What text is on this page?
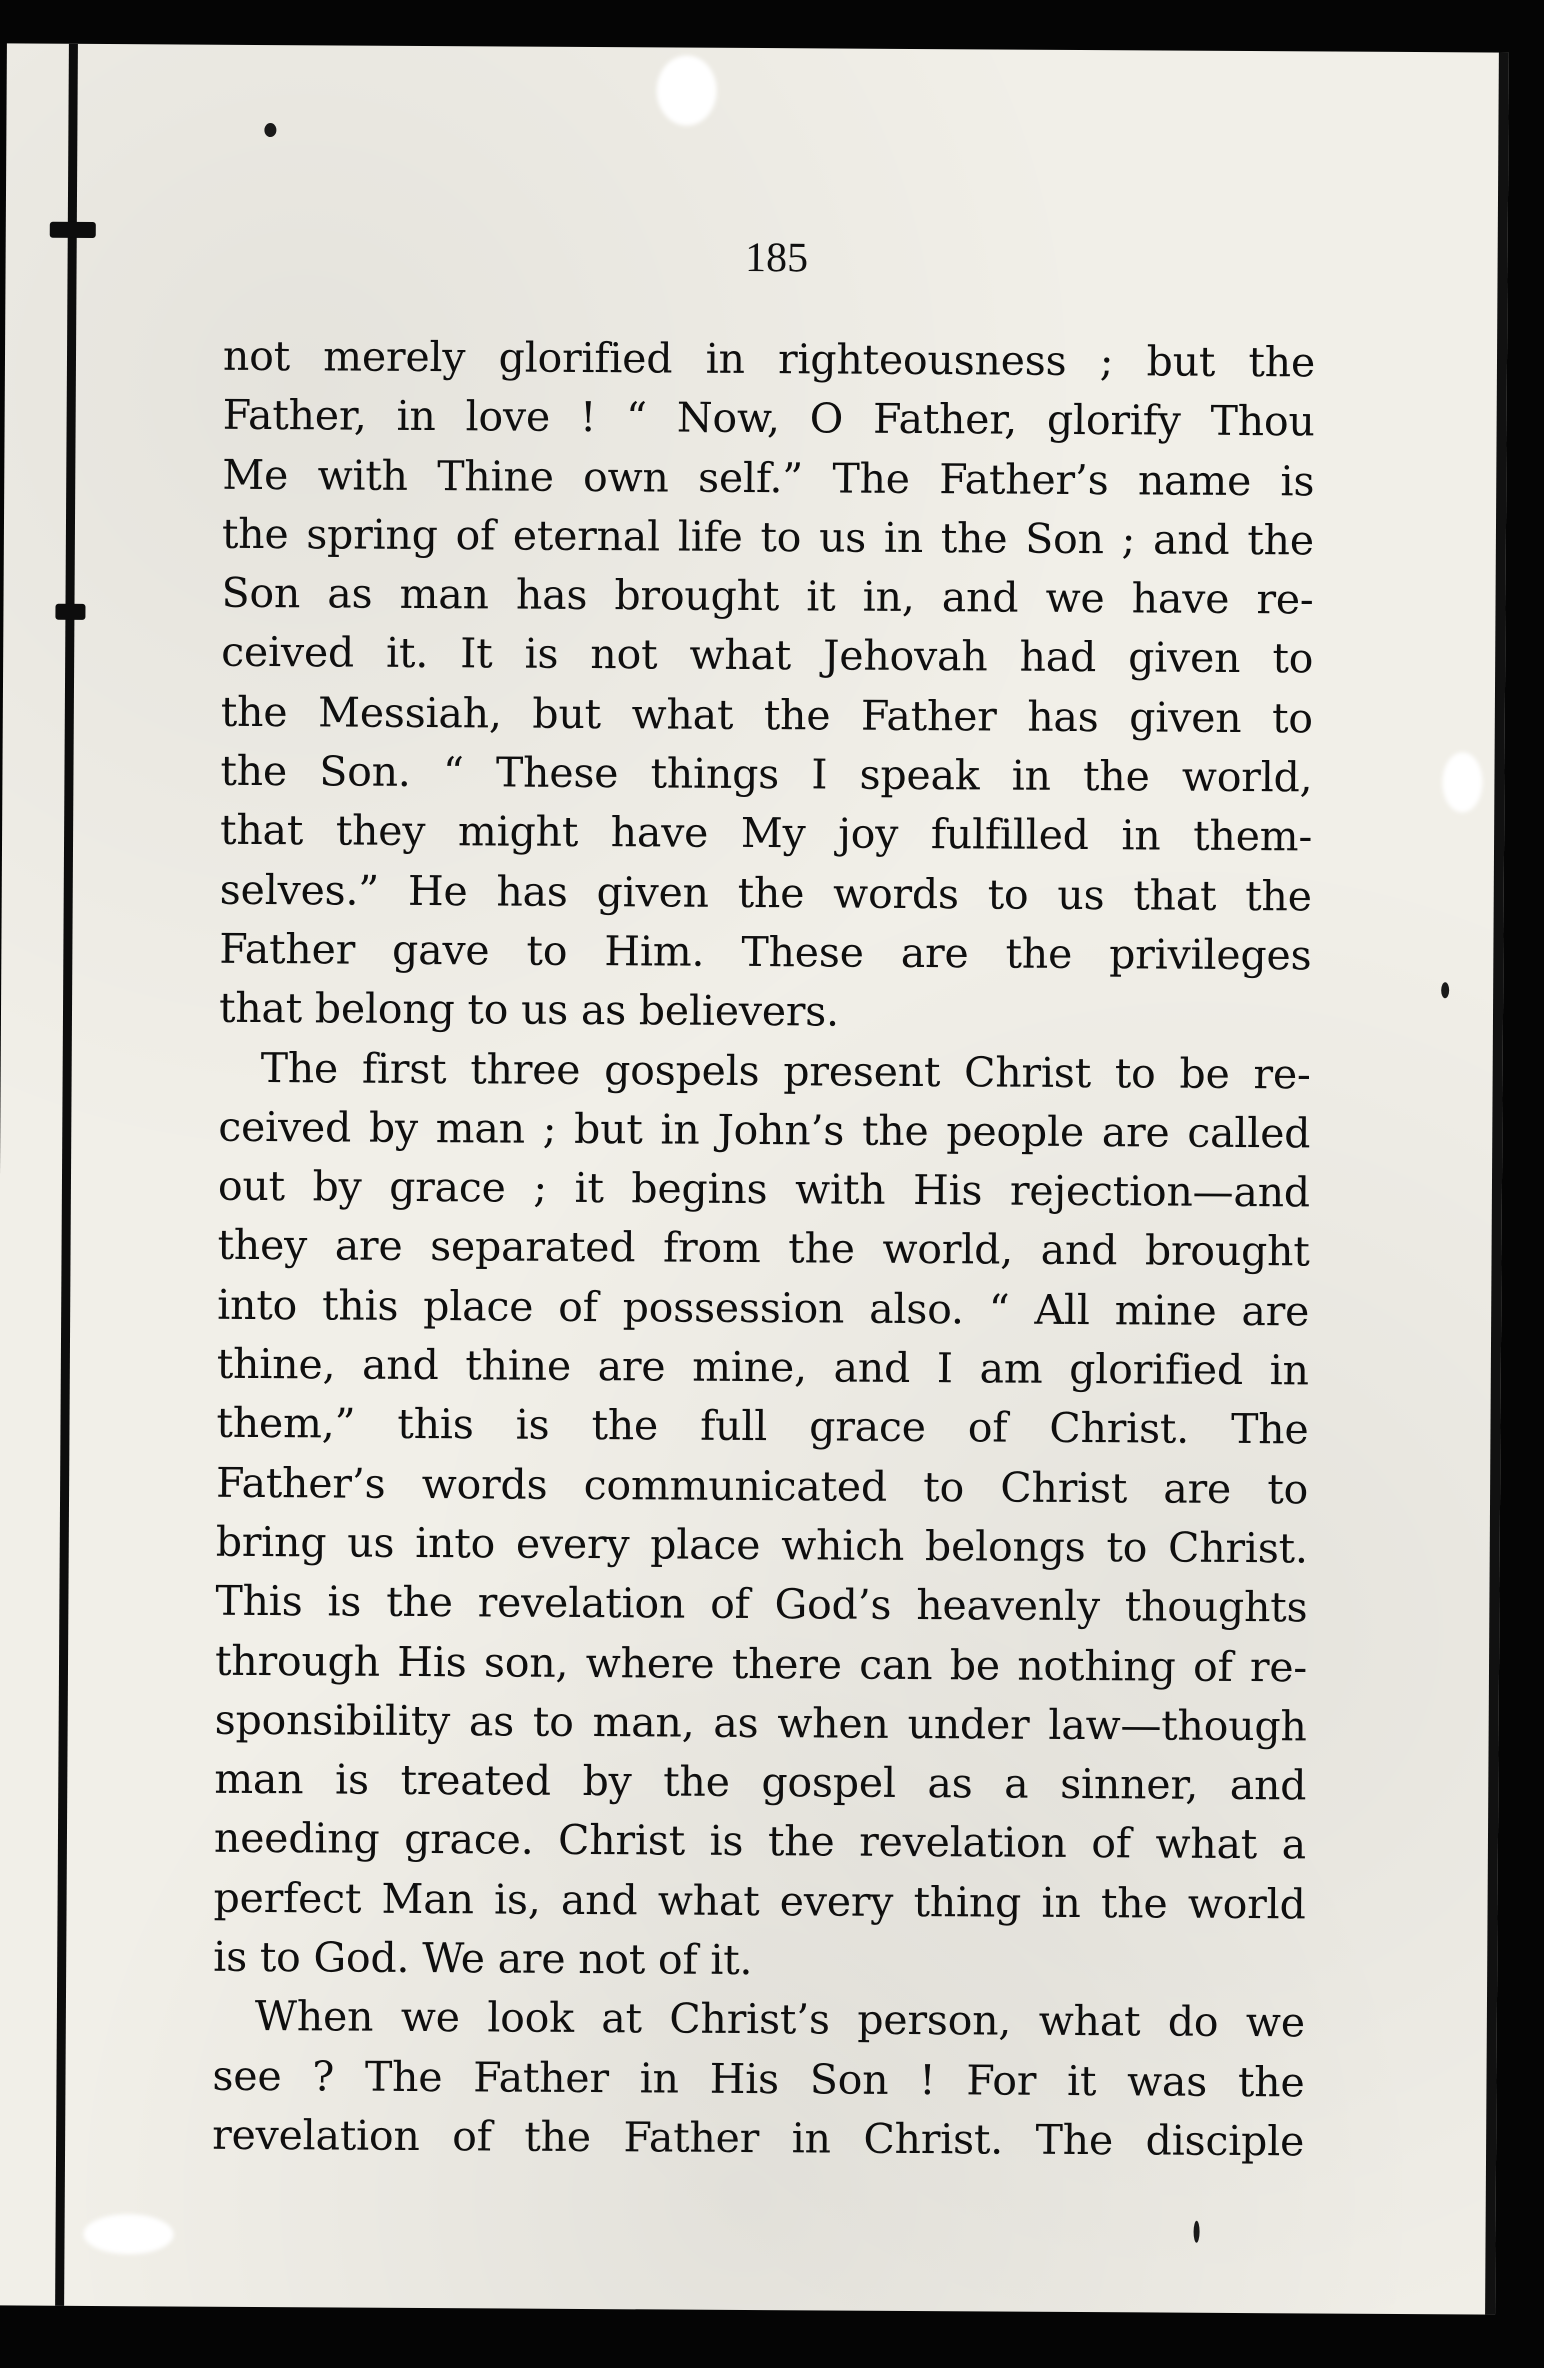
185
not merely glorified in righteousness ; but the
Father, in love ! “ Now, O Father, glorify Thou
Me with Thine own self.” The Father’s name is
the spring of eternal life to us in the Son ; and the
Son as man has brought it in, and we have re-
ceived it. It is not what Jehovah had given to
the Messiah, but what the Father has given to
the Son. “ These things I speak in the world,
that they might have My joy fulfilled in them-
selves.” He has given the words to us that the
Father gave to Him. These are the privileges
that belong to us as believers.
The first three gospels present Christ to be re-
ceived by man ; but in John’s the people are called
out by grace ; it begins with His rejection—and
they are separated from the world, and brought
into this place of possession also. “ All mine are
thine, and thine are mine, and I am glorified in
them,” this is the full grace of Christ. The
Father’s words communicated to Christ are to
bring us into every place which belongs to Christ.
This is the revelation of God’s heavenly thoughts
through His son, where there can be nothing of re-
sponsibility as to man, as when under law—though
man is treated by the gospel as a sinner, and
needing grace. Christ is the revelation of what a
perfect Man is, and what every thing in the world
is to God. We are not of it.
When we look at Christ’s person, what do we
see ? The Father in His Son ! For it was the
revelation of the Father in Christ. The disciple
